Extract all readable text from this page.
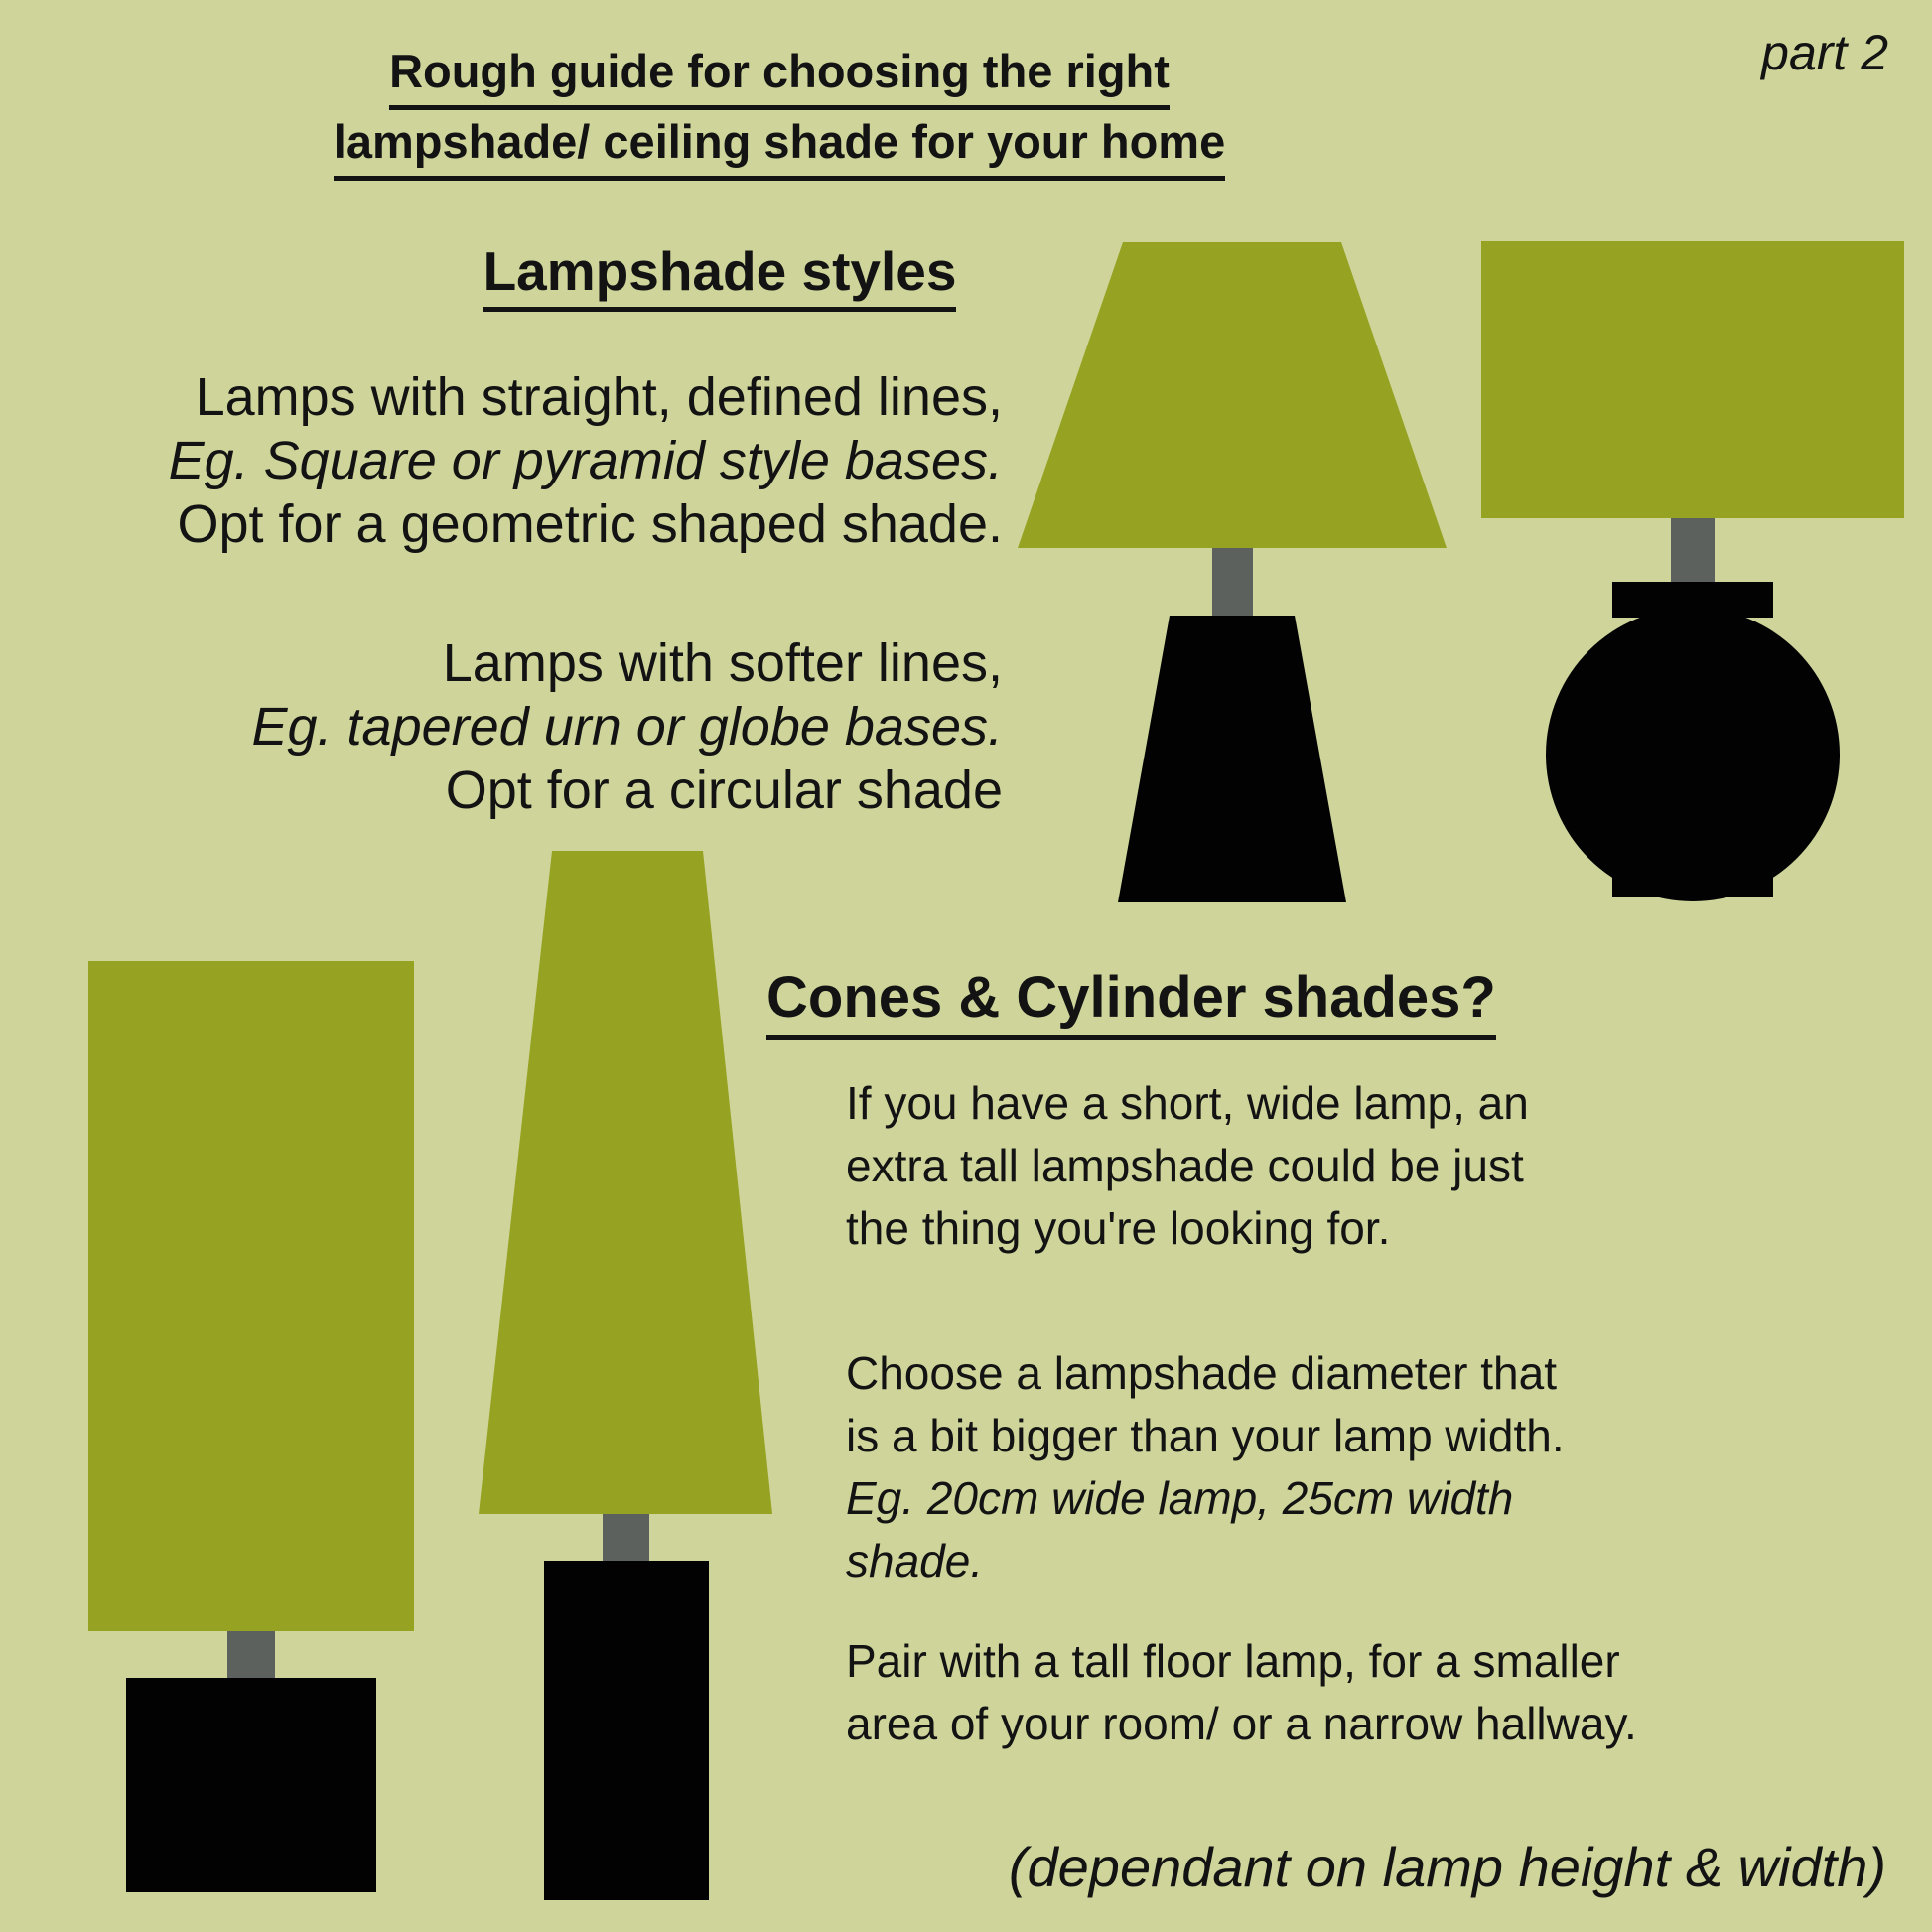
Rough guide for choosing the right
lampshade/ ceiling shade for your home
part 2
Lampshade styles
Lamps with straight, defined lines,
Eg. Square or pyramid style bases.
Opt for a geometric shaped shade.
Lamps with softer lines,
Eg. tapered urn or globe bases.
Opt for a circular shade
Cones & Cylinder shades?
If you have a short, wide lamp, an
extra tall lampshade could be just
the thing you're looking for.
Choose a lampshade diameter that
is a bit bigger than your lamp width.
Eg. 20cm wide lamp, 25cm width
shade.
Pair with a tall floor lamp, for a smaller
area of your room/ or a narrow hallway.
(dependant on lamp height & width)
